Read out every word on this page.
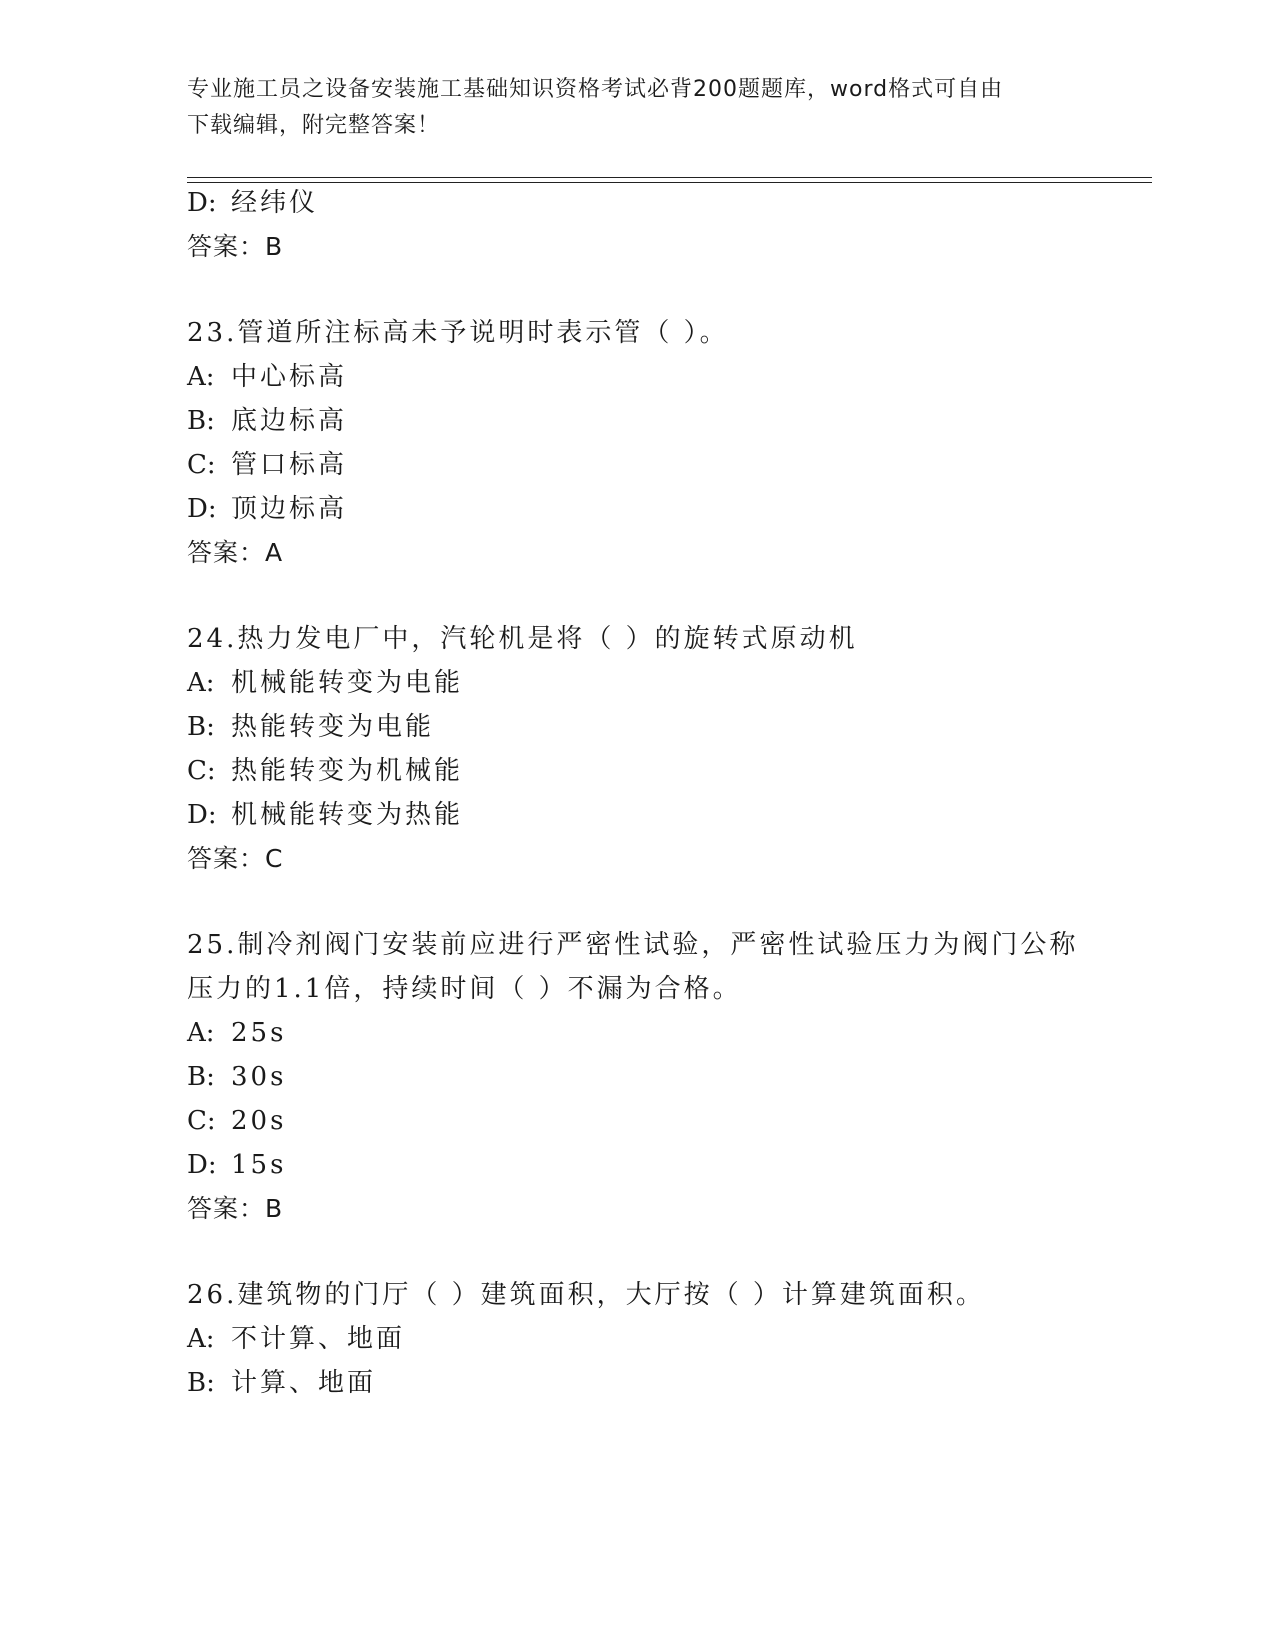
专业施工员之设备安装施工基础知识资格考试必背200题题库，word格式可自由
下载编辑，附完整答案！
D: 经纬仪
答案：B
23.管道所注标高未予说明时表示管（ ）。
A: 中心标高
B: 底边标高
C: 管口标高
D: 顶边标高
答案：A
24.热力发电厂中，汽轮机是将（ ）的旋转式原动机
A: 机械能转变为电能
B: 热能转变为电能
C: 热能转变为机械能
D: 机械能转变为热能
答案：C
25.制冷剂阀门安装前应进行严密性试验，严密性试验压力为阀门公称
压力的1.1倍，持续时间（ ）不漏为合格。
A: 25s
B: 30s
C: 20s
D: 15s
答案：B
26.建筑物的门厅（ ）建筑面积，大厅按（ ）计算建筑面积。
A: 不计算、地面
B: 计算、地面
